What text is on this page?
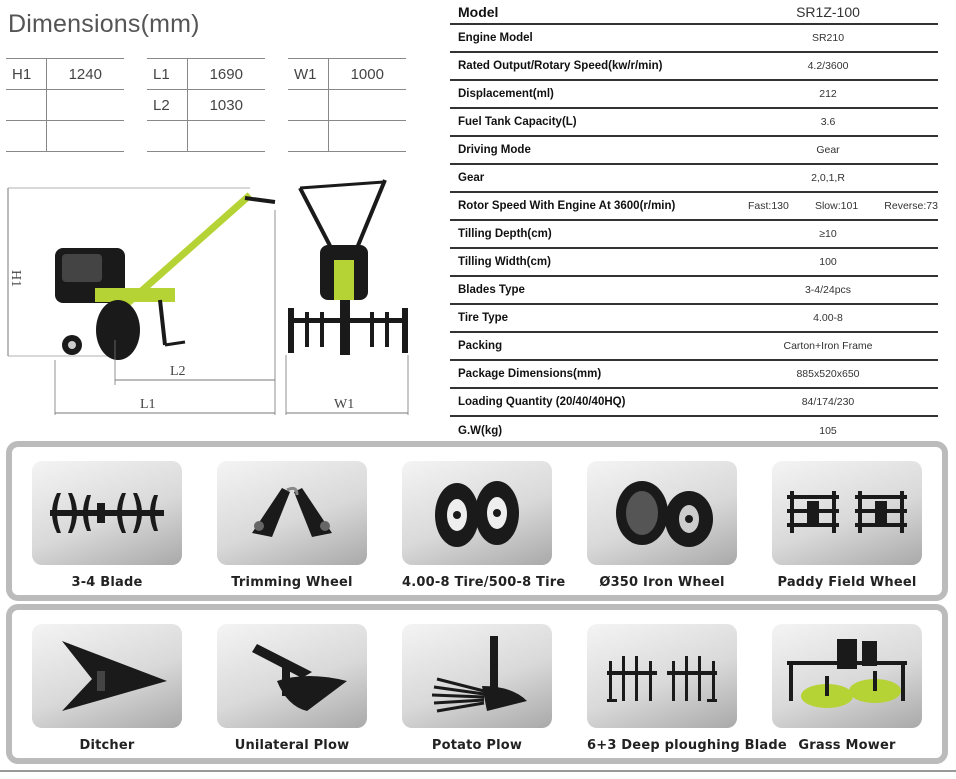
Dimensions(mm)
H1	1240

		L1	1690
L2	1030

W1	1000

H1
L2
L1	W1
Model	SR1Z-100
Engine Model	SR210
Rated Output/Rotary Speed(kw/r/min)	4.2/3600
Displacement(ml)	212
Fuel Tank Capacity(L)	3.6
Driving Mode	Gear
Gear	2,0,1,R
Rotor Speed With Engine At 3600(r/min)	Fast:130 Slow:101 Reverse:73

Tilling Depth(cm)	≥10
Tilling Width(cm)	100
Blades Type	3-4/24pcs
Tire Type	4.00-8
Packing	Carton+Iron Frame
Package Dimensions(mm)	885x520x650
Loading Quantity (20/40/40HQ)	84/174/230
G.W(kg)	105
3-4 Blade	Trimming Wheel	4.00-8 Tire/500-8 Tire	Ø350 Iron Wheel	Paddy Field Wheel
Ditcher	Unilateral Plow	Potato Plow	6+3 Deep ploughing Blade Grass Mower
